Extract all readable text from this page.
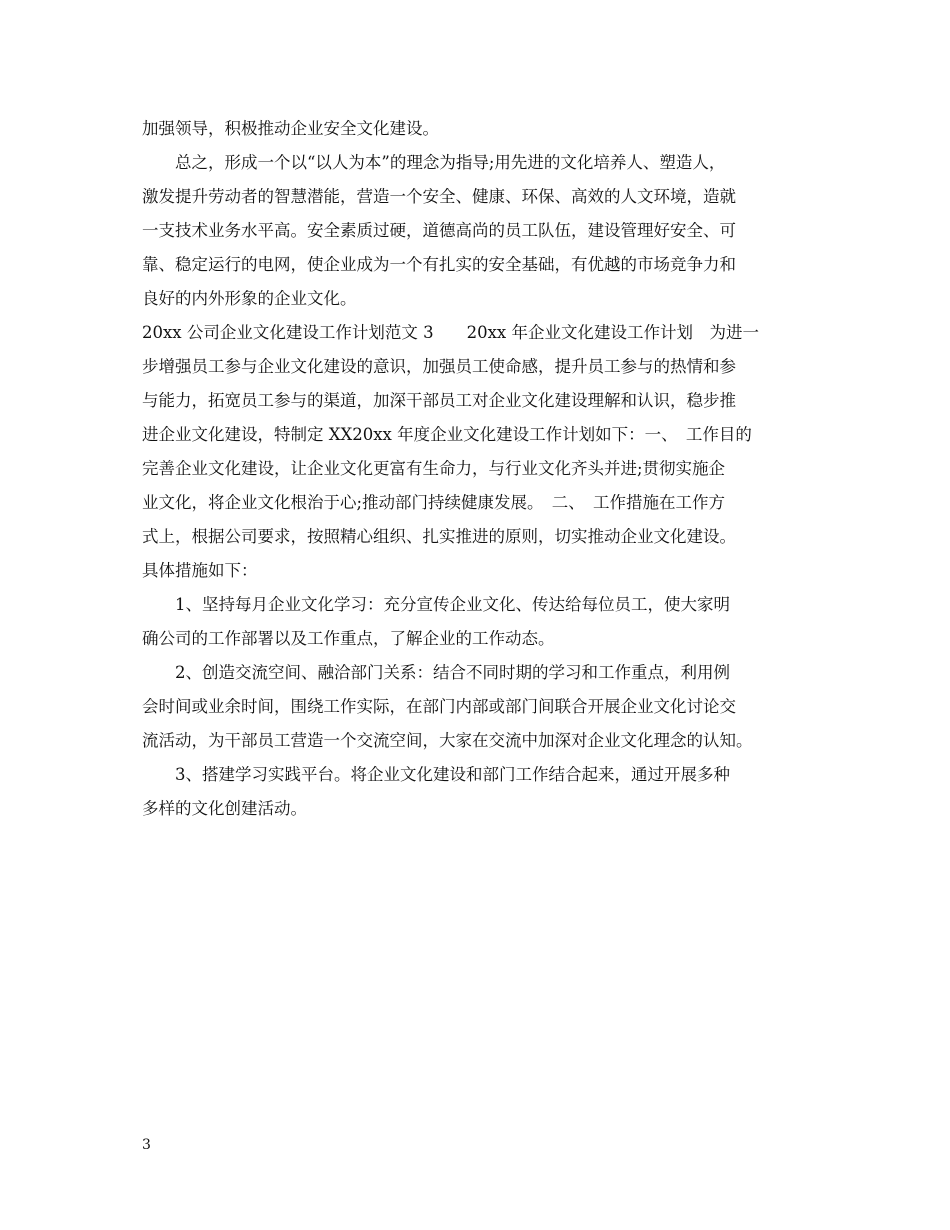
加强领导，积极推动企业安全文化建设。
总之，形成一个以“以人为本”的理念为指导;用先进的文化培养人、塑造人，
激发提升劳动者的智慧潜能，营造一个安全、健康、环保、高效的人文环境，造就
一支技术业务水平高。安全素质过硬，道德高尚的员工队伍，建设管理好安全、可
靠、稳定运行的电网，使企业成为一个有扎实的安全基础，有优越的市场竞争力和
良好的内外形象的企业文化。
20xx 公司企业文化建设工作计划范文 3　　20xx 年企业文化建设工作计划　为进一
步增强员工参与企业文化建设的意识，加强员工使命感，提升员工参与的热情和参
与能力，拓宽员工参与的渠道，加深干部员工对企业文化建设理解和认识，稳步推
进企业文化建设，特制定 XX20xx 年度企业文化建设工作计划如下：一、　工作目的
完善企业文化建设，让企业文化更富有生命力，与行业文化齐头并进;贯彻实施企
业文化，将企业文化根治于心;推动部门持续健康发展。　二、　工作措施在工作方
式上，根据公司要求，按照精心组织、扎实推进的原则，切实推动企业文化建设。
具体措施如下：
1、坚持每月企业文化学习：充分宣传企业文化、传达给每位员工，使大家明
确公司的工作部署以及工作重点，了解企业的工作动态。
2、创造交流空间、融洽部门关系：结合不同时期的学习和工作重点，利用例
会时间或业余时间，围绕工作实际，在部门内部或部门间联合开展企业文化讨论交
流活动，为干部员工营造一个交流空间，大家在交流中加深对企业文化理念的认知。
3、搭建学习实践平台。将企业文化建设和部门工作结合起来，通过开展多种
多样的文化创建活动。
3
